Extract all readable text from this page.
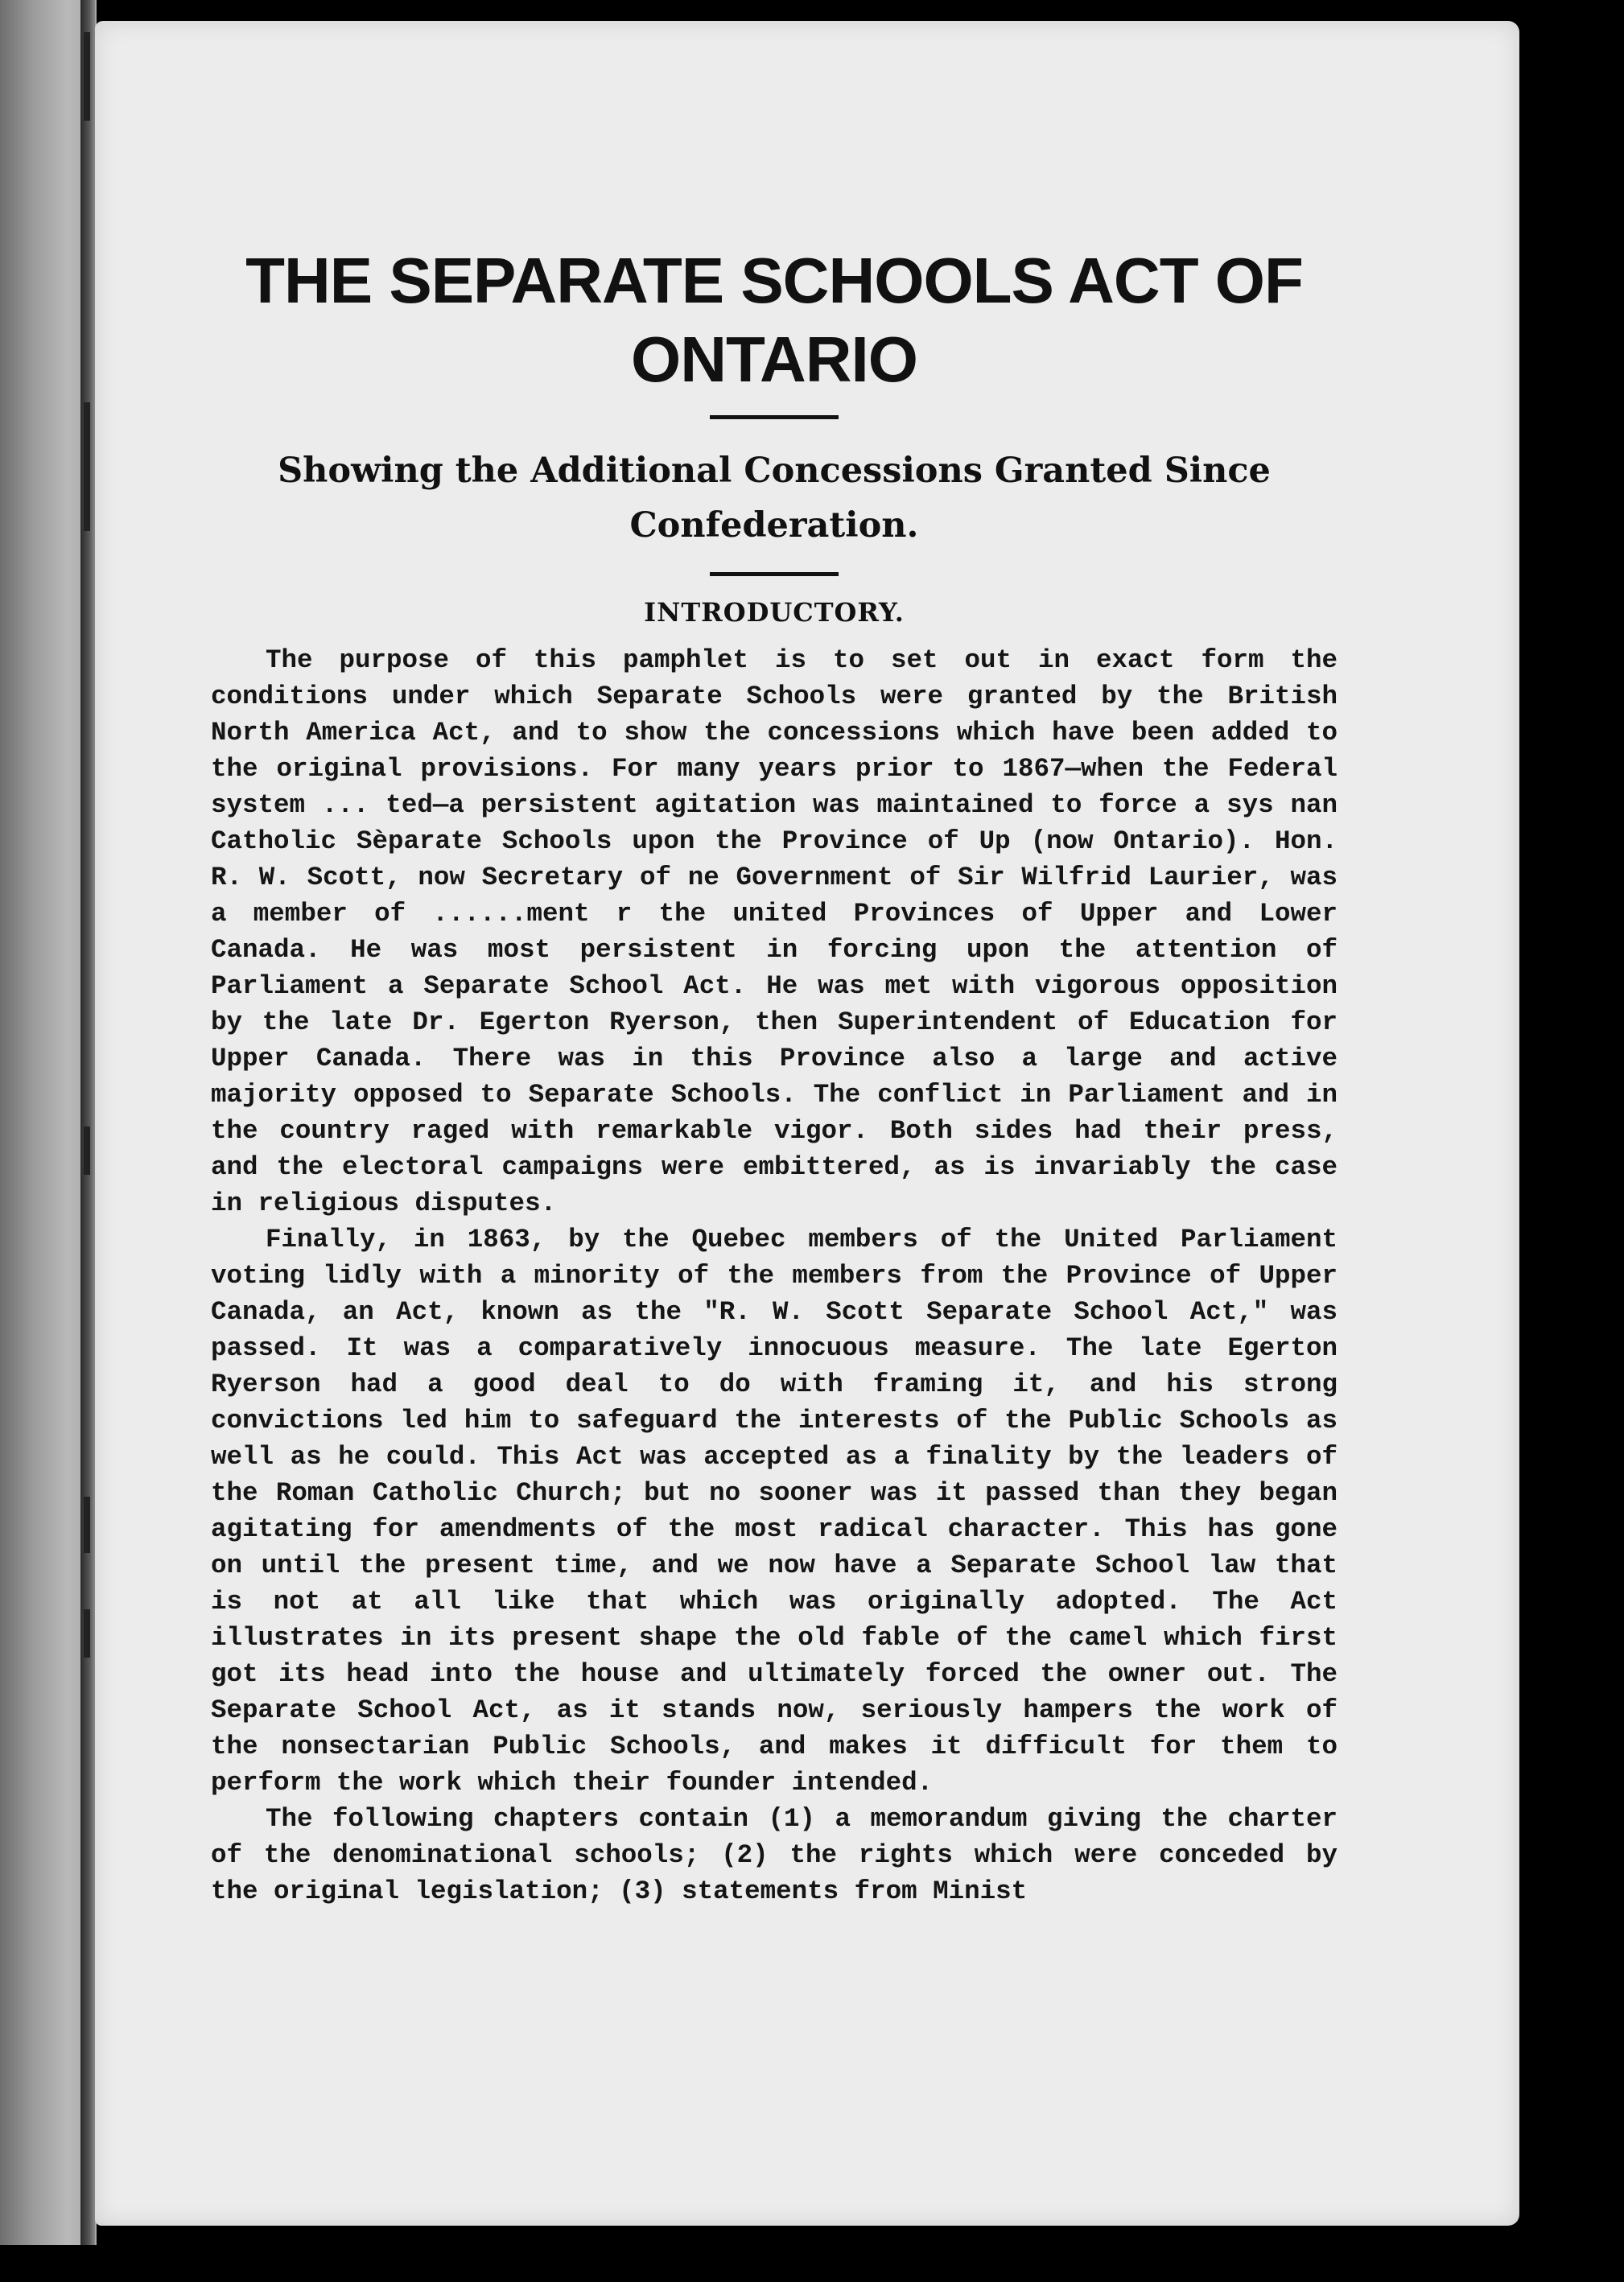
THE SEPARATE SCHOOLS ACT OF ONTARIO
Showing the Additional Concessions Granted Since Confederation.
INTRODUCTORY.

The purpose of this pamphlet is to set out in exact form the conditions under which Separate Schools were granted by the British North America Act, and to show the concessions which have been added to the original provisions. For many years prior to 1867—when the Federal system ... ted—a persistent agitation was maintained to force a sys nan Catholic Sèparate Schools upon the Province of Up (now Ontario). Hon. R. W. Scott, now Secretary of ne Government of Sir Wilfrid Laurier, was a member of ......ment r the united Provinces of Upper and Lower Canada. He was most persistent in forcing upon the attention of Parliament a Separate School Act. He was met with vigorous opposition by the late Dr. Egerton Ryerson, then Superintendent of Education for Upper Canada. There was in this Province also a large and active majority opposed to Separate Schools. The conflict in Parliament and in the country raged with remarkable vigor. Both sides had their press, and the electoral campaigns were embittered, as is invariably the case in religious disputes.

Finally, in 1863, by the Quebec members of the United Parliament voting lidly with a minority of the members from the Province of Upper Canada, an Act, known as the "R. W. Scott Separate School Act," was passed. It was a comparatively innocuous measure. The late Egerton Ryerson had a good deal to do with framing it, and his strong convictions led him to safeguard the interests of the Public Schools as well as he could. This Act was accepted as a finality by the leaders of the Roman Catholic Church; but no sooner was it passed than they began agitating for amendments of the most radical character. This has gone on until the present time, and we now have a Separate School law that is not at all like that which was originally adopted. The Act illustrates in its present shape the old fable of the camel which first got its head into the house and ultimately forced the owner out. The Separate School Act, as it stands now, seriously hampers the work of the nonsectarian Public Schools, and makes it difficult for them to perform the work which their founder intended.

The following chapters contain (1) a memorandum giving the charter of the denominational schools; (2) the rights which were conceded by the original legislation; (3) statements from Minist
